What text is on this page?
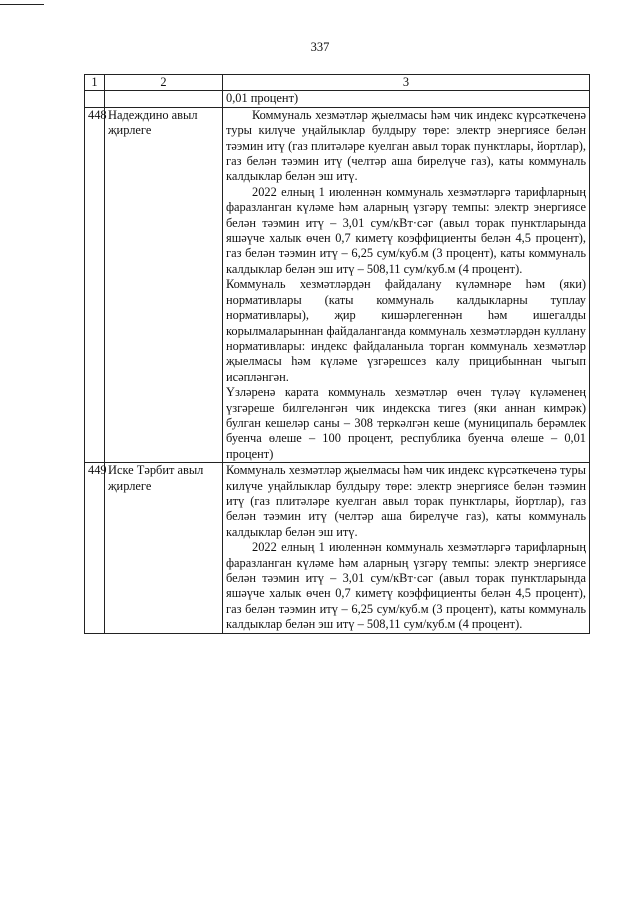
337
1	2	3

		0,01 процент)

448	Надеждино авыл җирлеге	Коммуналь хезмәтләр җыелмасы һәм чик индекс күрсәткеченә туры килүче уңайлыклар булдыру төре: электр энергиясе белән тәэмин итү (газ плитәләре куелган авыл торак пунктлары, йортлар), газ белән тәэмин итү (челтәр аша бирелүче газ), каты коммуналь калдыклар белән эш итү.

2022 елның 1 июленнән коммуналь хезмәтләргә тарифларның фаразланган күләме һәм аларның үзгәрү темпы: электр энергиясе белән тәэмин итү – 3,01 сум/кВт·сәг (авыл торак пунктларында яшәүче халык өчен 0,7 киметү коэффициенты белән 4,5 процент), газ белән тәэмин итү – 6,25 сум/куб.м (3 процент), каты коммуналь калдыклар белән эш итү – 508,11 сум/куб.м (4 процент).

Коммуналь хезмәтләрдән файдалану күләмнәре һәм (яки) нормативлары (каты коммуналь калдыкларны туплау нормативлары), җир кишәрлегеннән һәм ишегалды корылмаларыннан файдаланганда коммуналь хезмәтләрдән куллану нормативлары: индекс файдаланыла торган коммуналь хезмәтләр җыелмасы һәм күләме үзгәрешсез калу прицибыннан чыгып исәпләнгән.

Үзләренә карата коммуналь хезмәтләр өчен түләү күләменең үзгәреше билгеләнгән чик индекска тигез (яки аннан кимрәк) булган кешеләр саны – 308 теркәлгән кеше (муниципаль берәмлек буенча өлеше – 100 процент, республика буенча өлеше – 0,01 процент)

449	Иске Тәрбит авыл җирлеге	Коммуналь хезмәтләр җыелмасы һәм чик индекс күрсәткеченә туры килүче уңайлыклар булдыру төре: электр энергиясе белән тәэмин итү (газ плитәләре куелган авыл торак пунктлары, йортлар), газ белән тәэмин итү (челтәр аша бирелүче газ), каты коммуналь калдыклар белән эш итү.

2022 елның 1 июленнән коммуналь хезмәтләргә тарифларның фаразланган күләме һәм аларның үзгәрү темпы: электр энергиясе белән тәэмин итү – 3,01 сум/кВт·сәг (авыл торак пунктларында яшәүче халык өчен 0,7 киметү коэффициенты белән 4,5 процент), газ белән тәэмин итү – 6,25 сум/куб.м (3 процент), каты коммуналь калдыклар белән эш итү – 508,11 сум/куб.м (4 процент).
